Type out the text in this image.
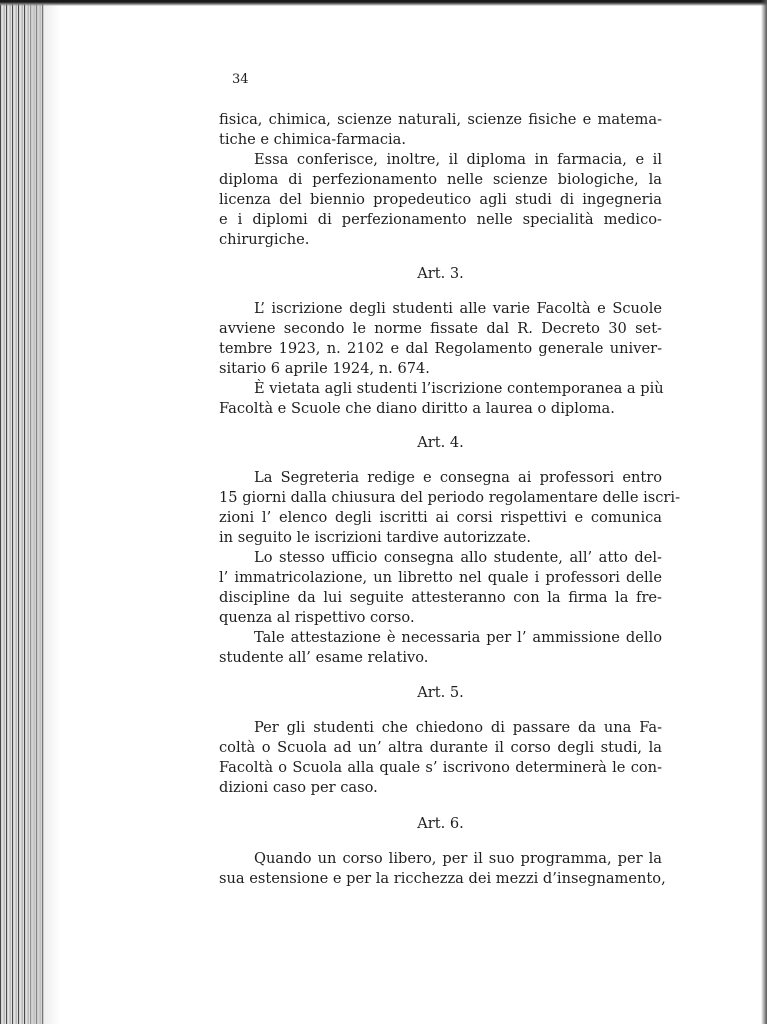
34
fisica, chimica, scienze naturali, scienze fisiche e matema-
tiche e chimica-farmacia.
Essa conferisce, inoltre, il diploma in farmacia, e il
diploma di perfezionamento nelle scienze biologiche, la
licenza del biennio propedeutico agli studi di ingegneria
e i diplomi di perfezionamento nelle specialità medico-
chirurgiche.
Art. 3.
L’ iscrizione degli studenti alle varie Facoltà e Scuole
avviene secondo le norme fissate dal R. Decreto 30 set-
tembre 1923, n. 2102 e dal Regolamento generale univer-
sitario 6 aprile 1924, n. 674.
È vietata agli studenti l’iscrizione contemporanea a più
Facoltà e Scuole che diano diritto a laurea o diploma.
Art. 4.
La Segreteria redige e consegna ai professori entro
15 giorni dalla chiusura del periodo regolamentare delle iscri-
zioni l’ elenco degli iscritti ai corsi rispettivi e comunica
in seguito le iscrizioni tardive autorizzate.
Lo stesso ufficio consegna allo studente, all’ atto del-
l’ immatricolazione, un libretto nel quale i professori delle
discipline da lui seguite attesteranno con la firma la fre-
quenza al rispettivo corso.
Tale attestazione è necessaria per l’ ammissione dello
studente all’ esame relativo.
Art. 5.
Per gli studenti che chiedono di passare da una Fa-
coltà o Scuola ad un’ altra durante il corso degli studi, la
Facoltà o Scuola alla quale s’ iscrivono determinerà le con-
dizioni caso per caso.
Art. 6.
Quando un corso libero, per il suo programma, per la
sua estensione e per la ricchezza dei mezzi d’insegnamento,
